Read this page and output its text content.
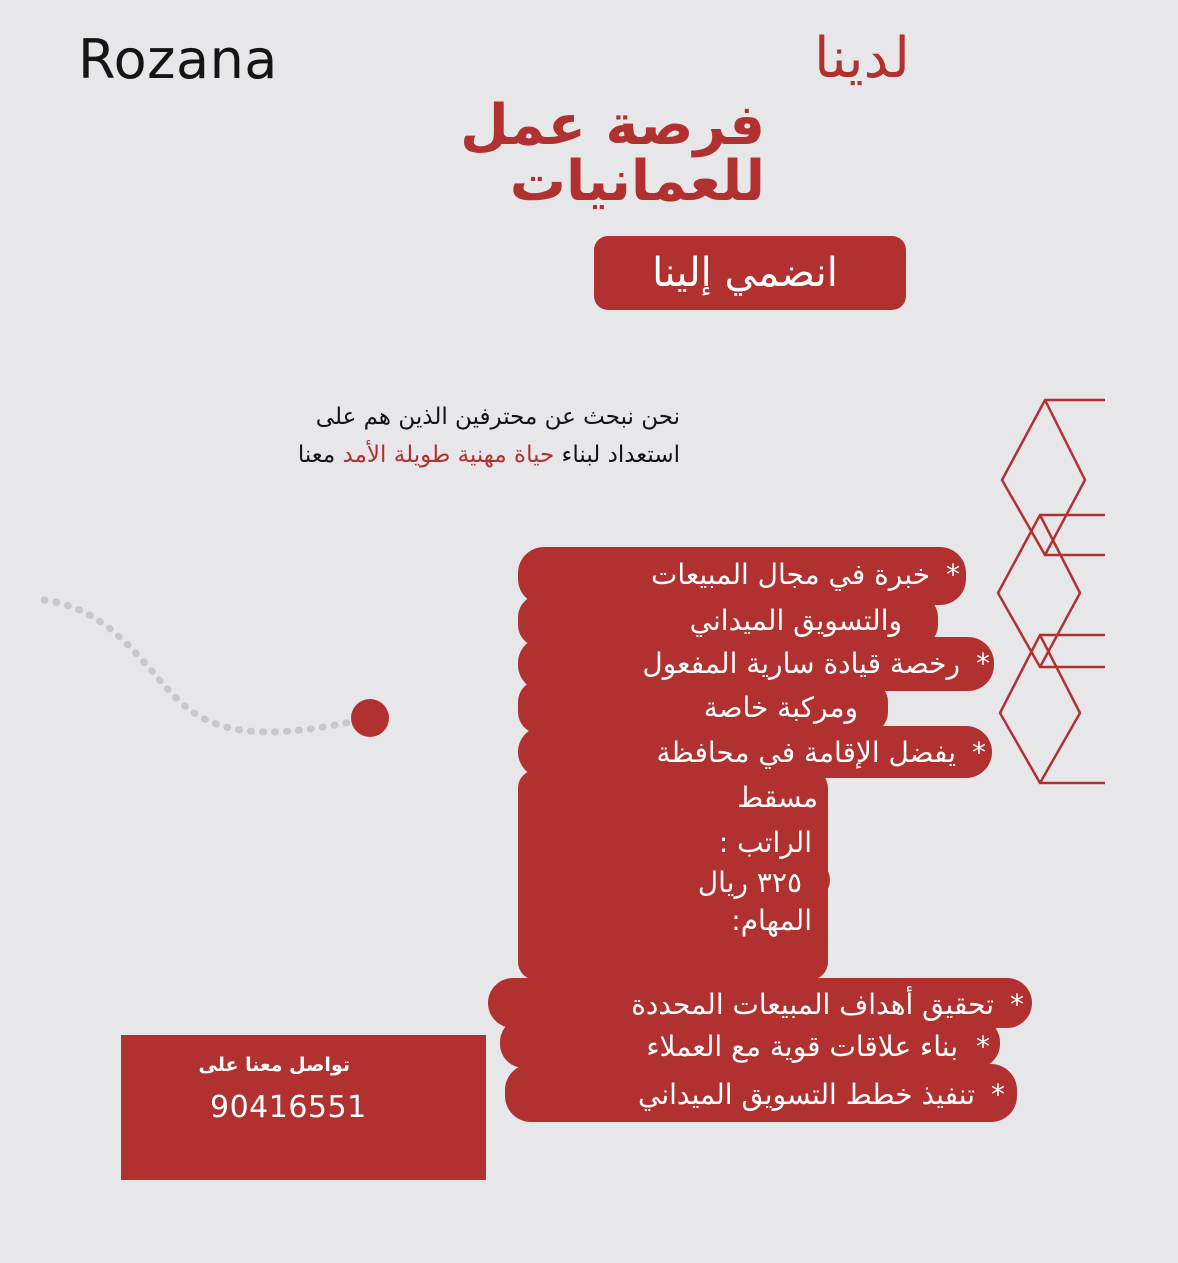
Rozana	لدينا
فرصة عمل
للعمانيات
انضمي إلينا
نحن نبحث عن محترفين الذين هم على
استعداد لبناء حياة مهنية طويلة الأمد معنا
*خبرة في مجال المبيعات
والتسويق الميداني
*رخصة قيادة سارية المفعول
ومركبة خاصة
*يفضل الإقامة في محافظة
مسقط
الراتب :
٣٢٥ ريال
المهام:
*تحقيق أهداف المبيعات المحددة
*بناء علاقات قوية مع العملاء
*تنفيذ خطط التسويق الميداني
تواصل معنا على
90416551
